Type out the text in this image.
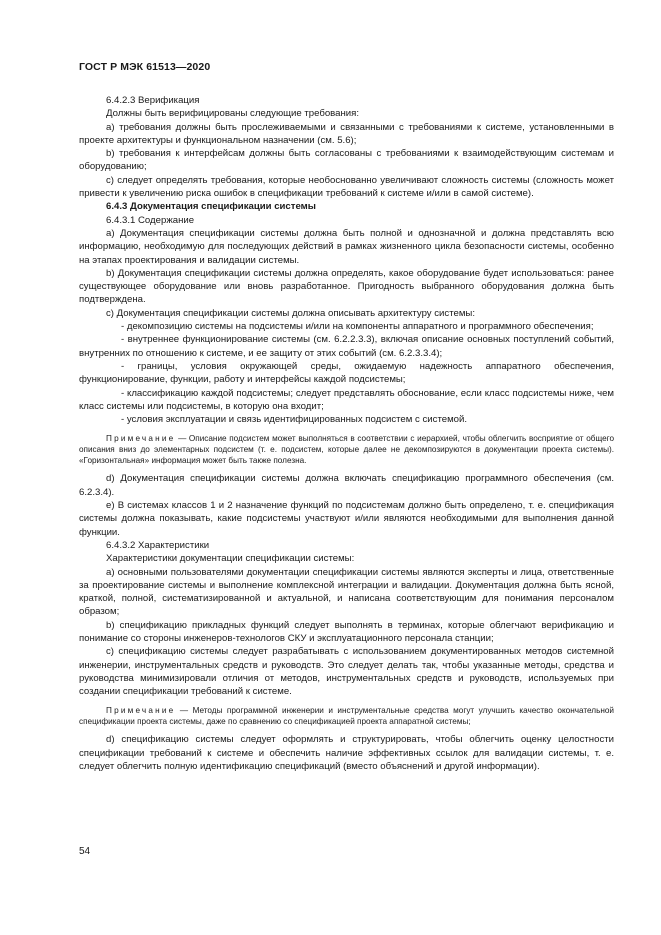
ГОСТ Р МЭК 61513—2020

6.4.2.3 Верификация

Должны быть верифицированы следующие требования:

a) требования должны быть прослеживаемыми и связанными с требованиями к системе, установленными в проекте архитектуры и функциональном назначении (см. 5.6);

b) требования к интерфейсам должны быть согласованы с требованиями к взаимодействующим системам и оборудованию;

c) следует определять требования, которые необоснованно увеличивают сложность системы (сложность может привести к увеличению риска ошибок в спецификации требований к системе и/или в самой системе).

6.4.3 Документация спецификации системы

6.4.3.1 Содержание

a) Документация спецификации системы должна быть полной и однозначной и должна представлять всю информацию, необходимую для последующих действий в рамках жизненного цикла безопасности системы, особенно на этапах проектирования и валидации системы.

b) Документация спецификации системы должна определять, какое оборудование будет использоваться: ранее существующее оборудование или вновь разработанное. Пригодность выбранного оборудования должна быть подтверждена.

c) Документация спецификации системы должна описывать архитектуру системы:

- декомпозицию системы на подсистемы и/или на компоненты аппаратного и программного обеспечения;

- внутреннее функционирование системы (см. 6.2.2.3.3), включая описание основных поступлений событий, внутренних по отношению к системе, и ее защиту от этих событий (см. 6.2.3.3.4);

- границы, условия окружающей среды, ожидаемую надежность аппаратного обеспечения, функционирование, функции, работу и интерфейсы каждой подсистемы;

- классификацию каждой подсистемы; следует представлять обоснование, если класс подсистемы ниже, чем класс системы или подсистемы, в которую она входит;

- условия эксплуатации и связь идентифицированных подсистем с системой.

Примечание — Описание подсистем может выполняться в соответствии с иерархией, чтобы облегчить восприятие от общего описания вниз до элементарных подсистем (т. е. подсистем, которые далее не декомпозируются в документации проекта системы). «Горизонтальная» информация может быть также полезна.

d) Документация спецификации системы должна включать спецификацию программного обеспечения (см. 6.2.3.4).

e) В системах классов 1 и 2 назначение функций по подсистемам должно быть определено, т. е. спецификация системы должна показывать, какие подсистемы участвуют и/или являются необходимыми для выполнения данной функции.

6.4.3.2 Характеристики

Характеристики документации спецификации системы:

a) основными пользователями документации спецификации системы являются эксперты и лица, ответственные за проектирование системы и выполнение комплексной интеграции и валидации. Документация должна быть ясной, краткой, полной, систематизированной и актуальной, и написана соответствующим для понимания персоналом образом;

b) спецификацию прикладных функций следует выполнять в терминах, которые облегчают верификацию и понимание со стороны инженеров-технологов СКУ и эксплуатационного персонала станции;

c) спецификацию системы следует разрабатывать с использованием документированных методов системной инженерии, инструментальных средств и руководств. Это следует делать так, чтобы указанные методы, средства и руководства минимизировали отличия от методов, инструментальных средств и руководств, используемых при создании спецификации требований к системе.

Примечание — Методы программной инженерии и инструментальные средства могут улучшить качество окончательной спецификации проекта системы, даже по сравнению со спецификацией проекта аппаратной системы;

d) спецификацию системы следует оформлять и структурировать, чтобы облегчить оценку целостности спецификации требований к системе и обеспечить наличие эффективных ссылок для валидации системы, т. е. следует облегчить полную идентификацию спецификаций (вместо объяснений и другой информации).

54
